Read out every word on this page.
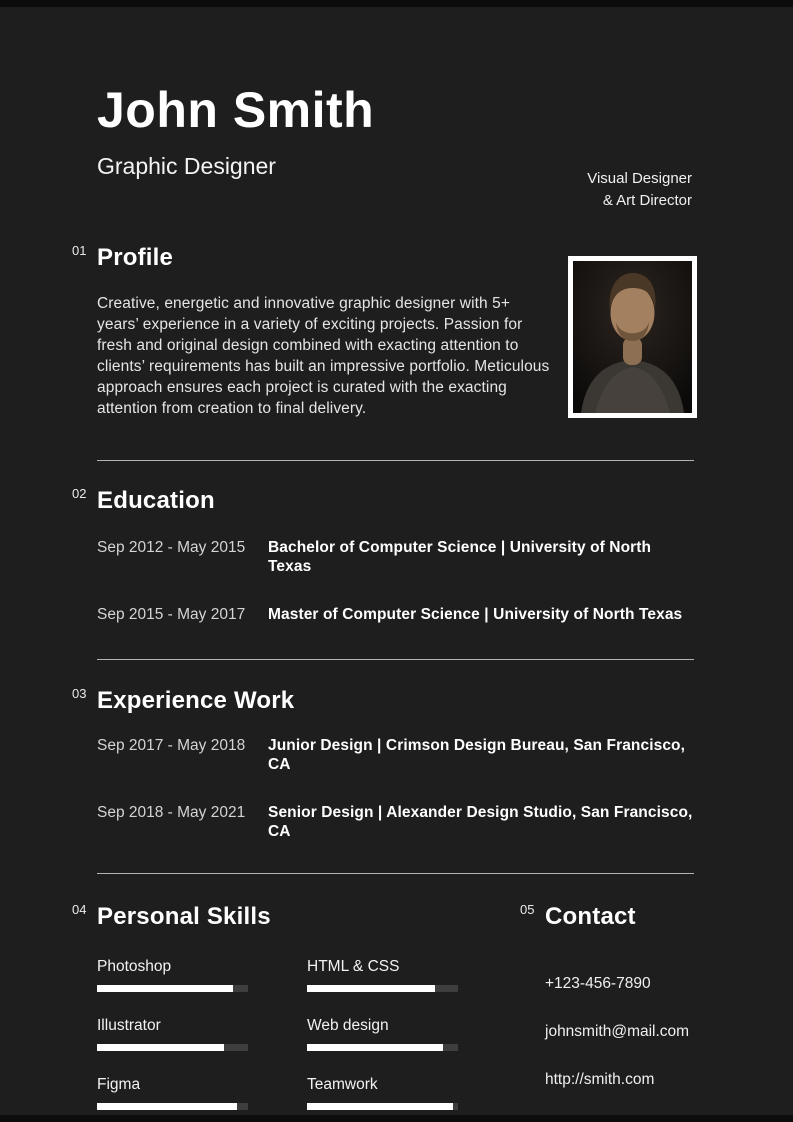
Visual Designer
& Art Director
John Smith
Graphic Designer
01 Profile

Creative, energetic and innovative graphic designer with 5+ years’ experience in a variety of exciting projects. Passion for fresh and original design combined with exacting attention to clients’ requirements has built an impressive portfolio. Meticulous approach ensures each project is curated with the exacting attention from creation to final delivery.

02 Education
Sep 2012 - May 2015	Bachelor of Computer Science | University of North Texas
Sep 2015 - May 2017	Master of Computer Science | University of North Texas
03 Experience Work
Sep 2017 - May 2018	Junior Design | Crimson Design Bureau, San Francisco, CA
Sep 2018 - May 2021	Senior Design | Alexander Design Studio, San Francisco, CA
04 Personal Skills
Photoshop	HTML & CSS
Illustrator	Web design
Figma	Teamwork
05 Contact
+123-456-7890
johnsmith@mail.com
http://smith.com
